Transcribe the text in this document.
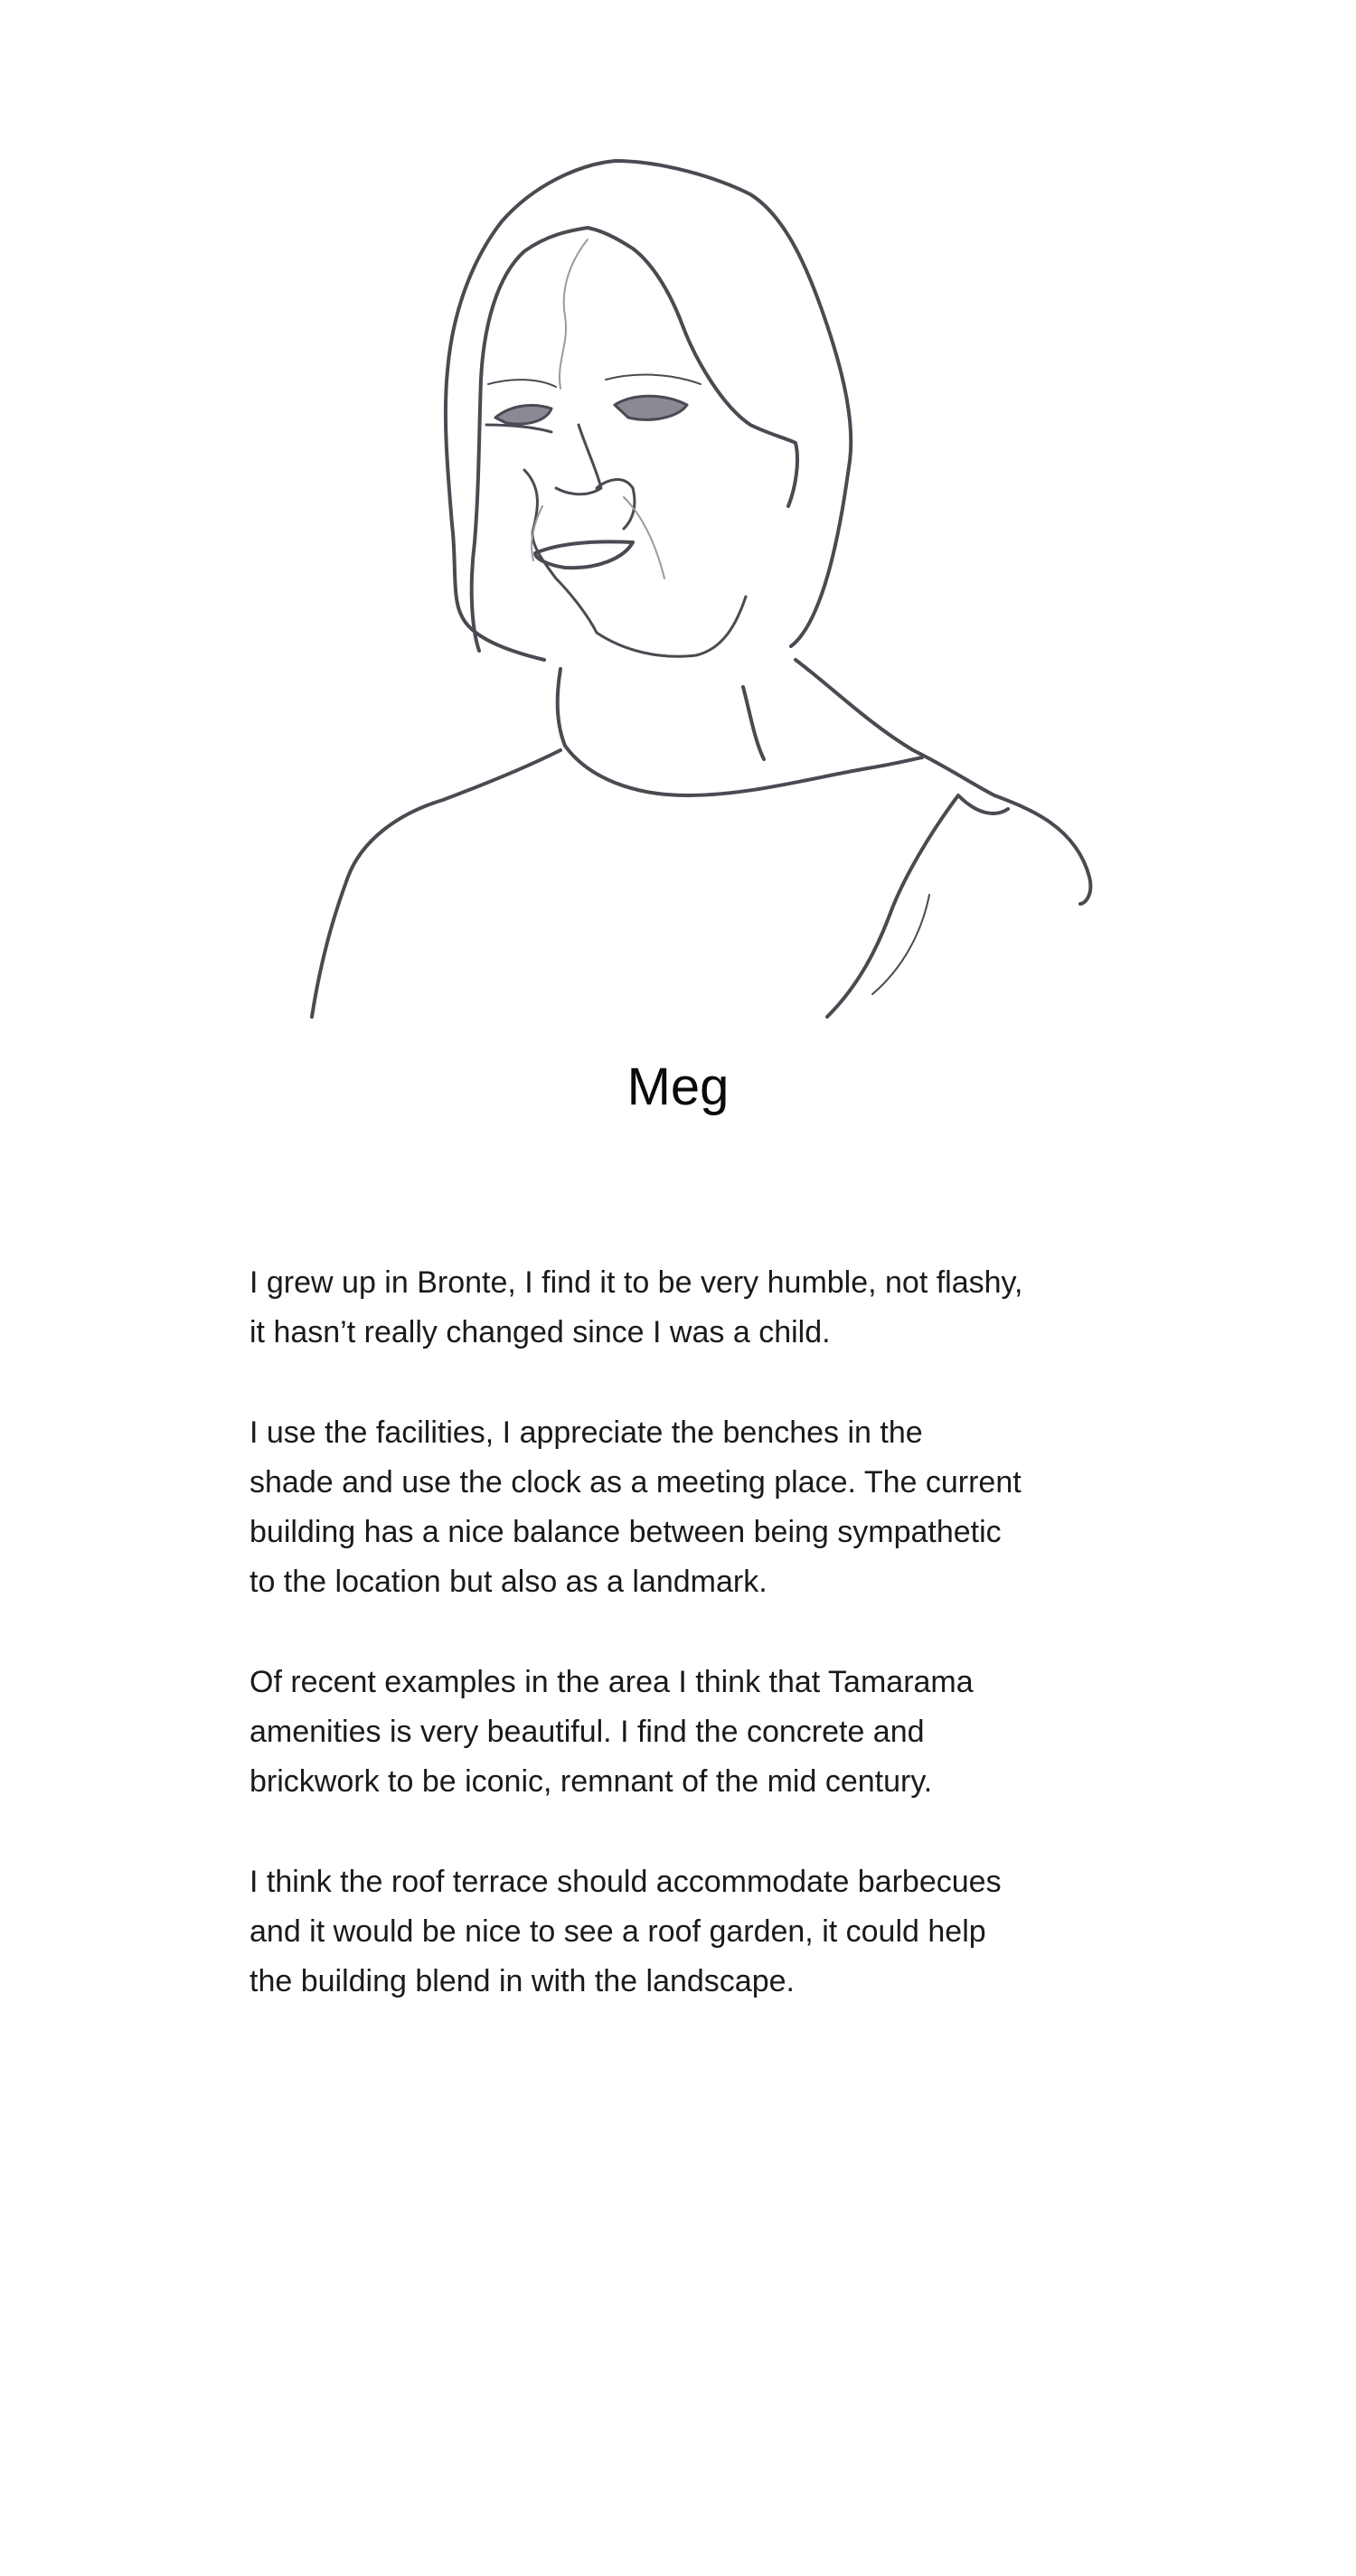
Meg

I grew up in Bronte, I find it to be very humble, not flashy,
it hasn’t really changed since I was a child.

I use the facilities, I appreciate the benches in the
shade and use the clock as a meeting place. The current
building has a nice balance between being sympathetic
to the location but also as a landmark.

Of recent examples in the area I think that Tamarama
amenities is very beautiful. I find the concrete and
brickwork to be iconic, remnant of the mid century.

I think the roof terrace should accommodate barbecues
and it would be nice to see a roof garden, it could help
the building blend in with the landscape.
